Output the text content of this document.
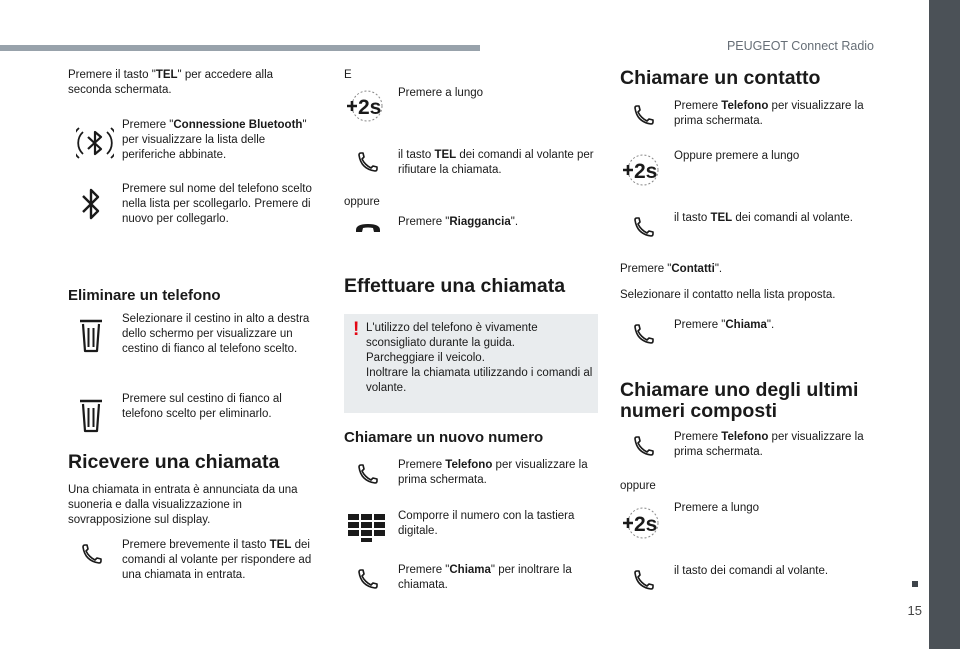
PEUGEOT Connect Radio
15
Premere il tasto "TEL" per accedere alla seconda schermata.
Premere "Connessione Bluetooth" per visualizzare la lista delle periferiche abbinate.
Premere sul nome del telefono scelto nella lista per scollegarlo. Premere di nuovo per collegarlo.
Eliminare un telefono
Selezionare il cestino in alto a destra dello schermo per visualizzare un cestino di fianco al telefono scelto.
Premere sul cestino di fianco al telefono scelto per eliminarlo.
Ricevere una chiamata
Una chiamata in entrata è annunciata da una suoneria e dalla visualizzazione in sovrapposizione sul display.
Premere brevemente il tasto TEL dei comandi al volante per rispondere ad una chiamata in entrata.
E
2s
Premere a lungo
il tasto TEL dei comandi al volante per rifiutare la chiamata.
oppure
Premere "Riaggancia".
Effettuare una chiamata
! L'utilizzo del telefono è vivamente sconsigliato durante la guida.
Parcheggiare il veicolo.
Inoltrare la chiamata utilizzando i comandi al volante.
Chiamare un nuovo numero
Premere Telefono per visualizzare la prima schermata.
Comporre il numero con la tastiera digitale.
Premere "Chiama" per inoltrare la chiamata.
Chiamare un contatto
Premere Telefono per visualizzare la prima schermata.
2s
Oppure premere a lungo
il tasto TEL dei comandi al volante.
Premere "Contatti".
Selezionare il contatto nella lista proposta.
Premere "Chiama".
Chiamare uno degli ultimi numeri composti
Premere Telefono per visualizzare la prima schermata.
oppure
2s
Premere a lungo
il tasto dei comandi al volante.
